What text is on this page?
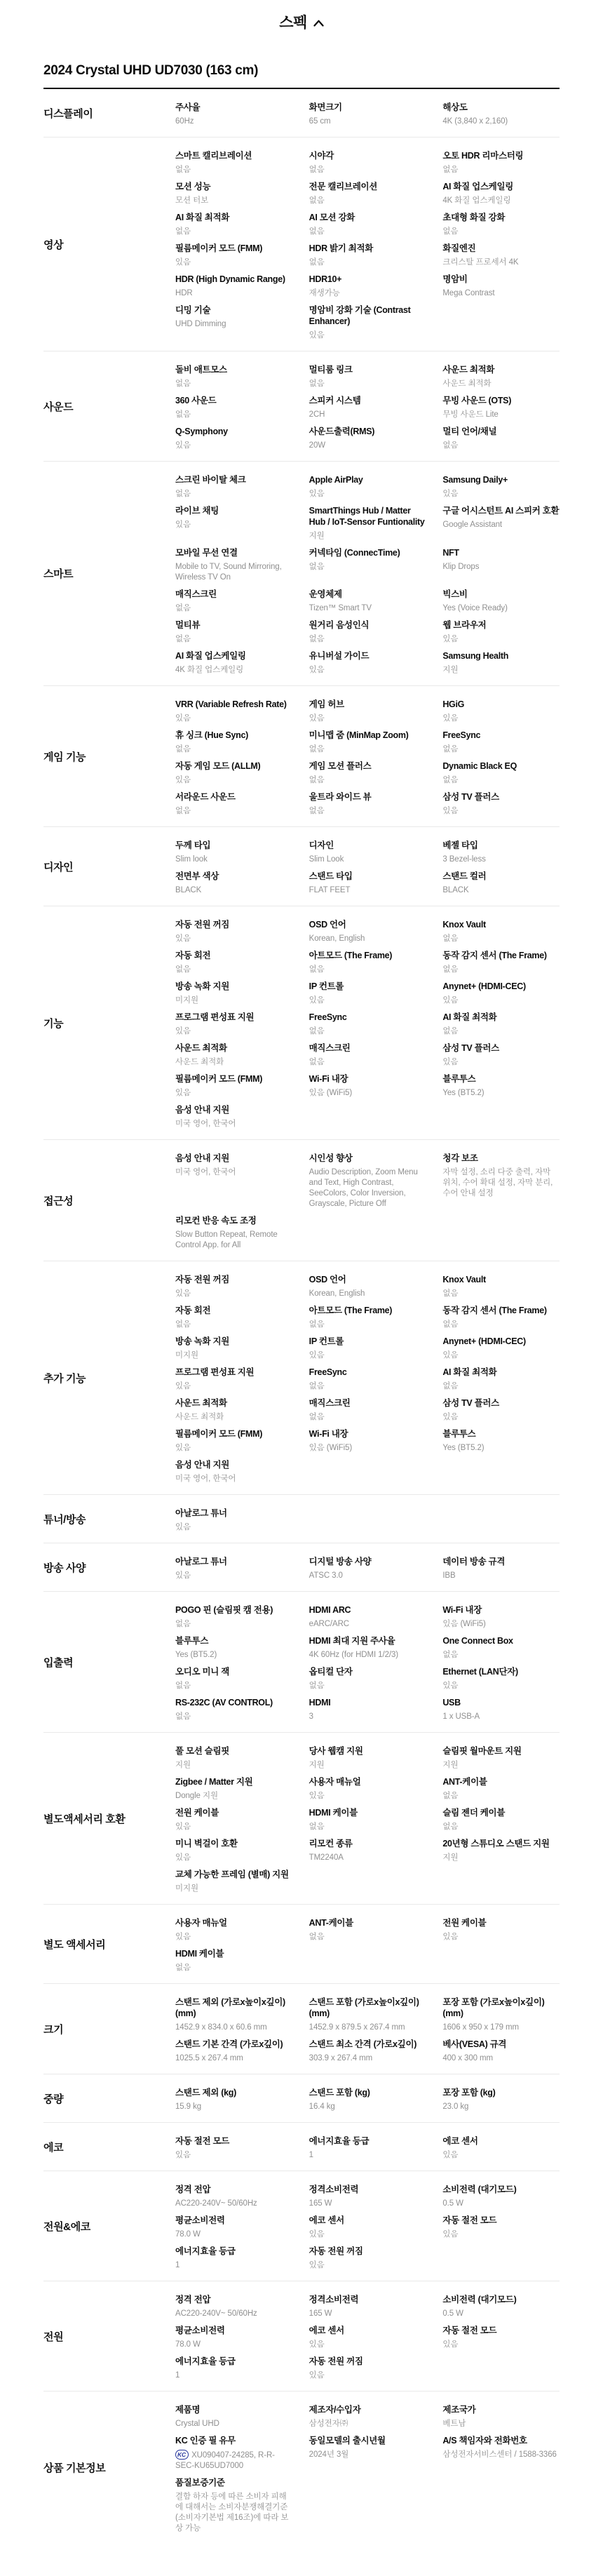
스펙
2024 Crystal UHD UD7030 (163 cm)
디스플레이
주사율
60Hz
화면크기
65 cm
해상도
4K (3,840 x 2,160)
영상
스마트 캘리브레이션
없음
시야각
없음
오토 HDR 리마스터링
없음
모션 성능
모션 터보
전문 캘리브레이션
없음
AI 화질 업스케일링
4K 화질 업스케일링
AI 화질 최적화
없음
AI 모션 강화
없음
초대형 화질 강화
없음
필름메이커 모드 (FMM)
있음
HDR 밝기 최적화
없음
화질엔진
크리스탈 프로세서 4K
HDR (High Dynamic Range)
HDR
HDR10+
재생가능
명암비
Mega Contrast
디밍 기술
UHD Dimming
명암비 강화 기술 (Contrast Enhancer)
있음
사운드
돌비 애트모스
없음
멀티룸 링크
없음
사운드 최적화
사운드 최적화
360 사운드
없음
스피커 시스템
2CH
무빙 사운드 (OTS)
무빙 사운드 Lite
Q-Symphony
있음
사운드출력(RMS)
20W
멀티 언어/채널
없음
스마트
스크린 바이탈 체크
없음
Apple AirPlay
있음
Samsung Daily+
있음
라이브 채팅
있음
SmartThings Hub / Matter Hub / IoT-Sensor Funtionality
지원
구글 어시스턴트 AI 스피커 호환
Google Assistant
모바일 무선 연결
Mobile to TV, Sound Mirroring, Wireless TV On
커넥타임 (ConnecTime)
없음
NFT
Klip Drops
매직스크린
없음
운영체제
Tizen™ Smart TV
빅스비
Yes (Voice Ready)
멀티뷰
없음
원거리 음성인식
없음
웹 브라우저
있음
AI 화질 업스케일링
4K 화질 업스케일링
유니버설 가이드
있음
Samsung Health
지원
게임 기능
VRR (Variable Refresh Rate)
있음
게임 허브
있음
HGiG
있음
휴 싱크 (Hue Sync)
없음
미니맵 줌 (MinMap Zoom)
없음
FreeSync
없음
자동 게임 모드 (ALLM)
있음
게임 모션 플러스
없음
Dynamic Black EQ
없음
서라운드 사운드
없음
울트라 와이드 뷰
없음
삼성 TV 플러스
있음
디자인
두께 타입
Slim look
디자인
Slim Look
베젤 타입
3 Bezel-less
전면부 색상
BLACK
스탠드 타입
FLAT FEET
스탠드 컬러
BLACK
기능
자동 전원 꺼짐
있음
OSD 언어
Korean, English
Knox Vault
없음
자동 회전
없음
아트모드 (The Frame)
없음
동작 감지 센서 (The Frame)
없음
방송 녹화 지원
미지원
IP 컨트롤
있음
Anynet+ (HDMI-CEC)
있음
프로그램 편성표 지원
있음
FreeSync
없음
AI 화질 최적화
없음
사운드 최적화
사운드 최적화
매직스크린
없음
삼성 TV 플러스
있음
필름메이커 모드 (FMM)
있음
Wi-Fi 내장
있음 (WiFi5)
블루투스
Yes (BT5.2)
음성 안내 지원
미국 영어, 한국어
접근성
음성 안내 지원
미국 영어, 한국어
시인성 향상
Audio Description, Zoom Menu and Text, High Contrast, SeeColors, Color Inversion, Grayscale, Picture Off
청각 보조
자막 설정, 소리 다중 출력, 자막 위치, 수어 확대 설정, 자막 분리, 수어 안내 설정
리모컨 반응 속도 조정
Slow Button Repeat, Remote Control App. for All
추가 기능
자동 전원 꺼짐
있음
OSD 언어
Korean, English
Knox Vault
없음
자동 회전
없음
아트모드 (The Frame)
없음
동작 감지 센서 (The Frame)
없음
방송 녹화 지원
미지원
IP 컨트롤
있음
Anynet+ (HDMI-CEC)
있음
프로그램 편성표 지원
있음
FreeSync
없음
AI 화질 최적화
없음
사운드 최적화
사운드 최적화
매직스크린
없음
삼성 TV 플러스
있음
필름메이커 모드 (FMM)
있음
Wi-Fi 내장
있음 (WiFi5)
블루투스
Yes (BT5.2)
음성 안내 지원
미국 영어, 한국어
튜너/방송
아날로그 튜너
있음
방송 사양
아날로그 튜너
있음
디지털 방송 사양
ATSC 3.0
데이터 방송 규격
IBB
입출력
POGO 핀 (슬림핏 캠 전용)
없음
HDMI ARC
eARC/ARC
Wi-Fi 내장
있음 (WiFi5)
블루투스
Yes (BT5.2)
HDMI 최대 지원 주사율
4K 60Hz (for HDMI 1/2/3)
One Connect Box
없음
오디오 미니 잭
없음
옵티컬 단자
없음
Ethernet (LAN단자)
있음
RS-232C (AV CONTROL)
없음
HDMI
3
USB
1 x USB-A
별도액세서리 호환
풀 모션 슬림핏
지원
당사 웹캠 지원
지원
슬림핏 월마운트 지원
지원
Zigbee / Matter 지원
Dongle 지원
사용자 매뉴얼
있음
ANT-케이블
없음
전원 케이블
있음
HDMI 케이블
없음
슬림 젠더 케이블
없음
미니 벽걸이 호환
있음
리모컨 종류
TM2240A
20년형 스튜디오 스탠드 지원
지원
교체 가능한 프레임 (별매) 지원
미지원
별도 액세서리
사용자 매뉴얼
있음
ANT-케이블
없음
전원 케이블
있음
HDMI 케이블
없음
크기
스탠드 제외 (가로x높이x깊이)(mm)
1452.9 x 834.0 x 60.6 mm
스탠드 포함 (가로x높이x깊이) (mm)
1452.9 x 879.5 x 267.4 mm
포장 포함 (가로x높이x깊이) (mm)
1606 x 950 x 179 mm
스탠드 기본 간격 (가로x깊이)
1025.5 x 267.4 mm
스탠드 최소 간격 (가로x깊이)
303.9 x 267.4 mm
베사(VESA) 규격
400 x 300 mm
중량
스탠드 제외 (kg)
15.9 kg
스탠드 포함 (kg)
16.4 kg
포장 포함 (kg)
23.0 kg
에코
자동 절전 모드
있음
에너지효율 등급
1
에코 센서
있음
전원&에코
정격 전압
AC220-240V~ 50/60Hz
정격소비전력
165 W
소비전력 (대기모드)
0.5 W
평균소비전력
78.0 W
에코 센서
있음
자동 절전 모드
있음
에너지효율 등급
1
자동 전원 꺼짐
있음
전원
정격 전압
AC220-240V~ 50/60Hz
정격소비전력
165 W
소비전력 (대기모드)
0.5 W
평균소비전력
78.0 W
에코 센서
있음
자동 절전 모드
있음
에너지효율 등급
1
자동 전원 꺼짐
있음
상품 기본정보
제품명
Crystal UHD
제조자/수입자
삼성전자㈜
제조국가
베트남
KC 인증 필 유무
KC XU090407-24285, R-R-SEC-KU65UD7000
동일모델의 출시년월
2024년 3월
A/S 책임자와 전화번호
삼성전자서비스센터 / 1588-3366
품질보증기준
결함 하자 등에 따른 소비자 피해에 대해서는 소비자분쟁해결기준(소비자기본법 제16조)에 따라 보상 가능
